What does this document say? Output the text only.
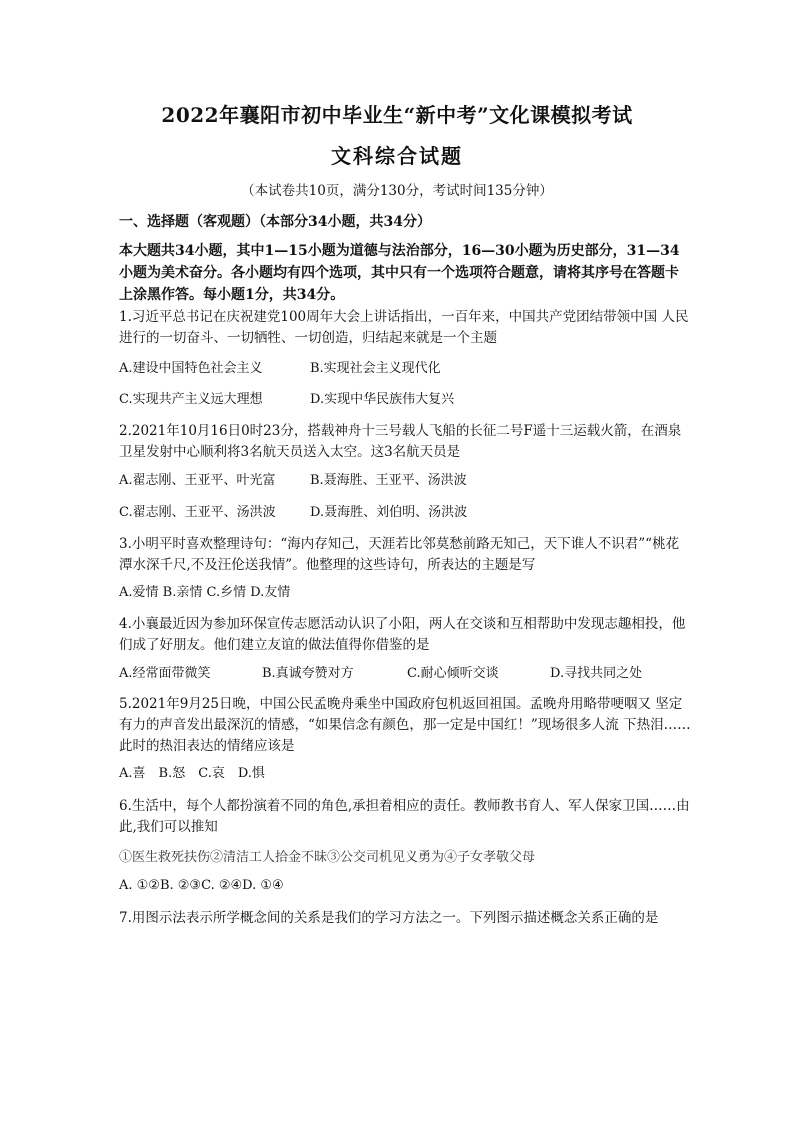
2022年襄阳市初中毕业生“新中考”文化课模拟考试
文科综合试题
（本试卷共10页，满分130分，考试时间135分钟）
一、选择题（客观题）（本部分34小题，共34分）
本大题共34小题，其中1—15小题为道德与法治部分，16—30小题为历史部分，31—34 小题为美术奋分。各小题均有四个选项，其中只有一个选项符合题意，请将其序号在答题卡上涂黑作答。每小题1分，共34分。
1.习近平总书记在庆祝建党100周年大会上讲话指出，一百年来，中国共产党团结带领中国 人民进行的一切奋斗、一切牺牲、一切创造，归结起来就是一个主题
A.建设中国特色社会主义	B.实现社会主义现代化
C.实现共产主义远大理想	D.实现中华民族伟大复兴
2.2021年10月16日0时23分，搭载神舟十三号载人飞船的长征二号F遥十三运载火箭，在酒泉卫星发射中心顺利将3名航天员送入太空。这3名航天员是
A.翟志刚、王亚平、叶光富	B.聂海胜、王亚平、汤洪波
C.翟志刚、王亚平、汤洪波	D.聂海胜、刘伯明、汤洪波
3.小明平时喜欢整理诗句：“海内存知己，天涯若比邻莫愁前路无知己，天下谁人不识君”“桃花潭水深千尺,不及汪伦送我情”。他整理的这些诗句，所表达的主题是写
A.爱情 B.亲情 C.乡情 D.友情
4.小襄最近因为参加环保宣传志愿活动认识了小阳，两人在交谈和互相帮助中发现志趣相投，他们成了好朋友。他们建立友谊的做法值得你借鉴的是
A.经常面带微笑	B.真诚夸赞对方	C.耐心倾听交谈	D.寻找共同之处
5.2021年9月25日晚，中国公民孟晚舟乘坐中国政府包机返回祖国。孟晚舟用略带哽咽又 坚定有力的声音发出最深沉的情感，“如果信念有颜色，那一定是中国红！”现场很多人流 下热泪……此时的热泪表达的情绪应该是
A.喜　B.怒　C.哀　D.惧
6.生活中，每个人都扮演着不同的角色,承担着相应的责任。教师教书育人、军人保家卫国……由此,我们可以推知
①医生救死扶伤②清洁工人拾金不昧③公交司机见义勇为④子女孝敬父母
A. ①②B. ②③C. ②④D. ①④
7.用图示法表示所学概念间的关系是我们的学习方法之一。下列图示描述概念关系正确的是
